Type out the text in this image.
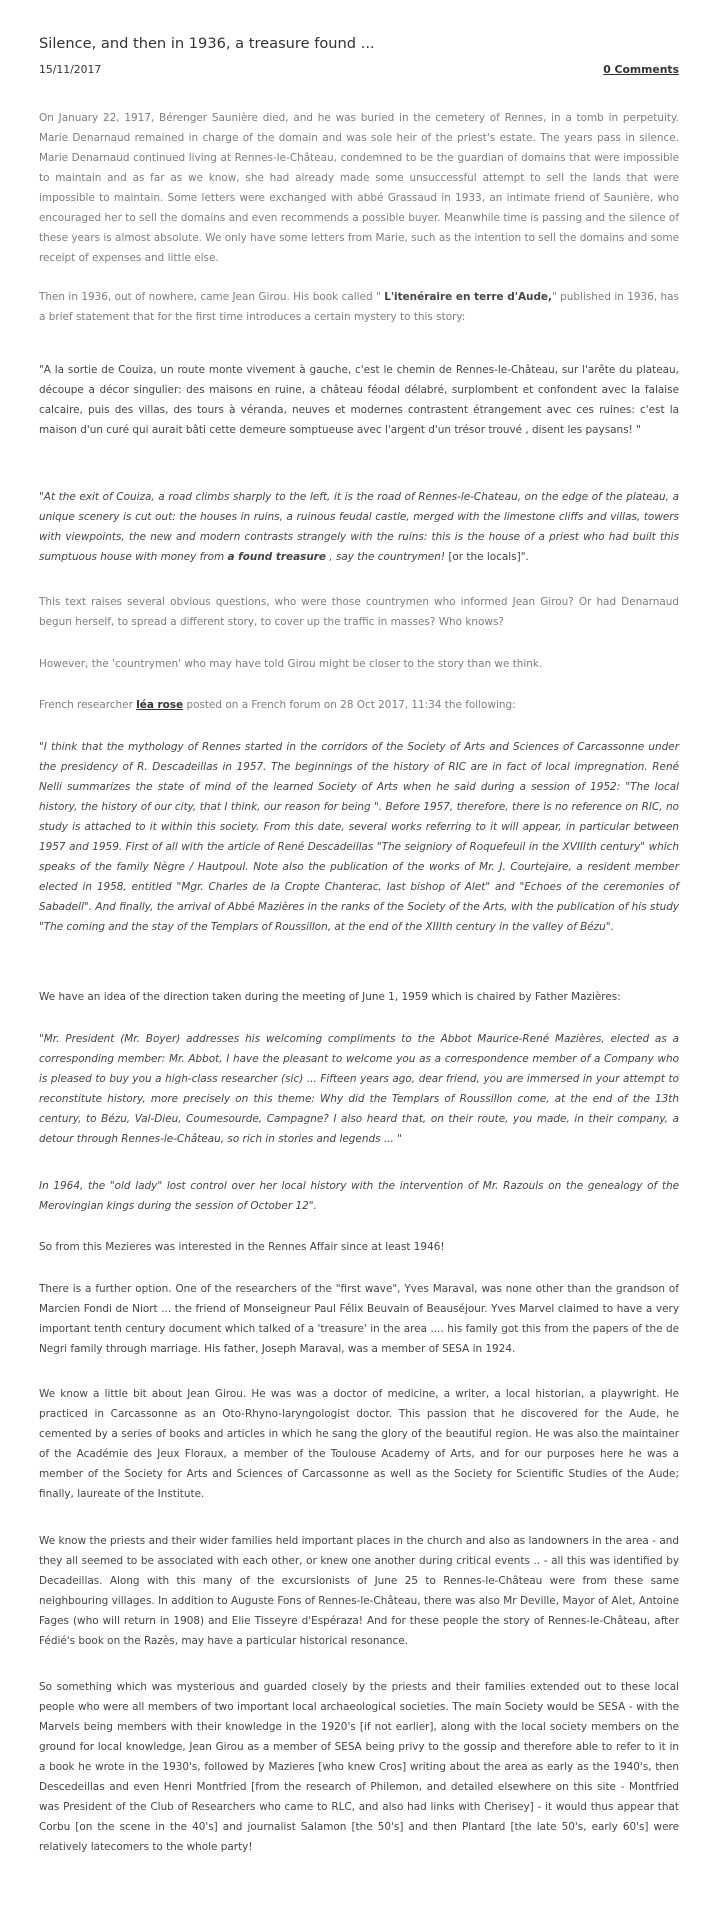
Silence, and then in 1936, a treasure found ...
15/11/2017	0 Comments

On January 22, 1917, Bérenger Saunière died, and he was buried in the cemetery of Rennes, in a tomb in perpetuity. Marie Denarnaud remained in charge of the domain and was sole heir of the priest's estate. The years pass in silence. Marie Denarnaud continued living at Rennes-le-Château, condemned to be the guardian of domains that were impossible to maintain and as far as we know, she had already made some unsuccessful attempt to sell the lands that were impossible to maintain. Some letters were exchanged with abbé Grassaud in 1933, an intimate friend of Saunière, who encouraged her to sell the domains and even recommends a possible buyer. Meanwhile time is passing and the silence of these years is almost absolute. We only have some letters from Marie, such as the intention to sell the domains and some receipt of expenses and little else.

Then in 1936, out of nowhere, came Jean Girou. His book called " L'itenéraire en terre d'Aude," published in 1936, has a brief statement that for the first time introduces a certain mystery to this story:

"A la sortie de Couiza, un route monte vivement à gauche, c'est le chemin de Rennes-le-Château, sur l'arête du plateau, découpe a décor singulier: des maisons en ruine, a château féodal délabré, surplombent et confondent avec la falaise calcaire, puis des villas, des tours à véranda, neuves et modernes contrastent étrangement avec ces ruines: c'est la maison d'un curé qui aurait bâti cette demeure somptueuse avec l'argent d'un trésor trouvé , disent les paysans! "

"At the exit of Couiza, a road climbs sharply to the left, it is the road of Rennes-le-Chateau, on the edge of the plateau, a unique scenery is cut out: the houses in ruins, a ruinous feudal castle, merged with the limestone cliffs and villas, towers with viewpoints, the new and modern contrasts strangely with the ruins: this is the house of a priest who had built this sumptuous house with money from a found treasure , say the countrymen! [or the locals]".

This text raises several obvious questions, who were those countrymen who informed Jean Girou? Or had Denarnaud begun herself, to spread a different story, to cover up the traffic in masses? Who knows?

However, the 'countrymen' who may have told Girou might be closer to the story than we think.

French researcher léa rose posted on a French forum on 28 Oct 2017, 11:34 the following:

"I think that the mythology of Rennes started in the corridors of the Society of Arts and Sciences of Carcassonne under the presidency of R. Descadeillas in 1957. The beginnings of the history of RIC are in fact of local impregnation. René Nelli summarizes the state of mind of the learned Society of Arts when he said during a session of 1952: "The local history, the history of our city, that I think, our reason for being ". Before 1957, therefore, there is no reference on RIC, no study is attached to it within this society. From this date, several works referring to it will appear, in particular between 1957 and 1959. First of all with the article of René Descadeillas "The seigniory of Roquefeuil in the XVIIIth century" which speaks of the family Nègre / Hautpoul. Note also the publication of the works of Mr. J. Courtejaire, a resident member elected in 1958, entitled "Mgr. Charles de la Cropte Chanterac, last bishop of Alet" and "Echoes of the ceremonies of Sabadell". And finally, the arrival of Abbé Mazières in the ranks of the Society of the Arts, with the publication of his study "The coming and the stay of the Templars of Roussillon, at the end of the XIIIth century in the valley of Bézu".

We have an idea of the direction taken during the meeting of June 1, 1959 which is chaired by Father Mazières:

"Mr. President (Mr. Boyer) addresses his welcoming compliments to the Abbot Maurice-René Mazières, elected as a corresponding member: Mr. Abbot, I have the pleasant to welcome you as a correspondence member of a Company who is pleased to buy you a high-class researcher (sic) ... Fifteen years ago, dear friend, you are immersed in your attempt to reconstitute history, more precisely on this theme: Why did the Templars of Roussillon come, at the end of the 13th century, to Bézu, Val-Dieu, Coumesourde, Campagne? I also heard that, on their route, you made, in their company, a detour through Rennes-le-Château, so rich in stories and legends ... "

In 1964, the "old lady" lost control over her local history with the intervention of Mr. Razouls on the genealogy of the Merovingian kings during the session of October 12".

So from this Mezieres was interested in the Rennes Affair since at least 1946!

There is a further option. One of the researchers of the "first wave", Yves Maraval, was none other than the grandson of Marcien Fondi de Niort ... the friend of Monseigneur Paul Félix Beuvain of Beauséjour. Yves Marvel claimed to have a very important tenth century document which talked of a 'treasure' in the area .... his family got this from the papers of the de Negri family through marriage. His father, Joseph Maraval, was a member of SESA in 1924.

We know a little bit about Jean Girou. He was was a doctor of medicine, a writer, a local historian, a playwright. He practiced in Carcassonne as an Oto-Rhyno-laryngologist doctor. This passion that he discovered for the Aude, he cemented by a series of books and articles in which he sang the glory of the beautiful region. He was also the maintainer of the Académie des Jeux Floraux, a member of the Toulouse Academy of Arts, and for our purposes here he was a member of the Society for Arts and Sciences of Carcassonne as well as the Society for Scientific Studies of the Aude; finally, laureate of the Institute.

We know the priests and their wider families held important places in the church and also as landowners in the area - and they all seemed to be associated with each other, or knew one another during critical events .. - all this was identified by Decadeillas. Along with this many of the excursionists of June 25 to Rennes-le-Château were from these same neighbouring villages. In addition to Auguste Fons of Rennes-le-Château, there was also Mr Deville, Mayor of Alet, Antoine Fages (who will return in 1908) and Elie Tisseyre d'Espéraza! And for these people the story of Rennes-le-Château, after Fédié's book on the Razès, may have a particular historical resonance.

So something which was mysterious and guarded closely by the priests and their families extended out to these local people who were all members of two important local archaeological societies. The main Society would be SESA - with the Marvels being members with their knowledge in the 1920's [if not earlier], along with the local society members on the ground for local knowledge, Jean Girou as a member of SESA being privy to the gossip and therefore able to refer to it in a book he wrote in the 1930's, followed by Mazieres [who knew Cros] writing about the area as early as the 1940's, then Descedeillas and even Henri Montfried [from the research of Philemon, and detailed elsewhere on this site - Montfried was President of the Club of Researchers who came to RLC, and also had links with Cherisey] - it would thus appear that Corbu [on the scene in the 40's] and journalist Salamon [the 50's] and then Plantard [the late 50's, early 60's] were relatively latecomers to the whole party!
